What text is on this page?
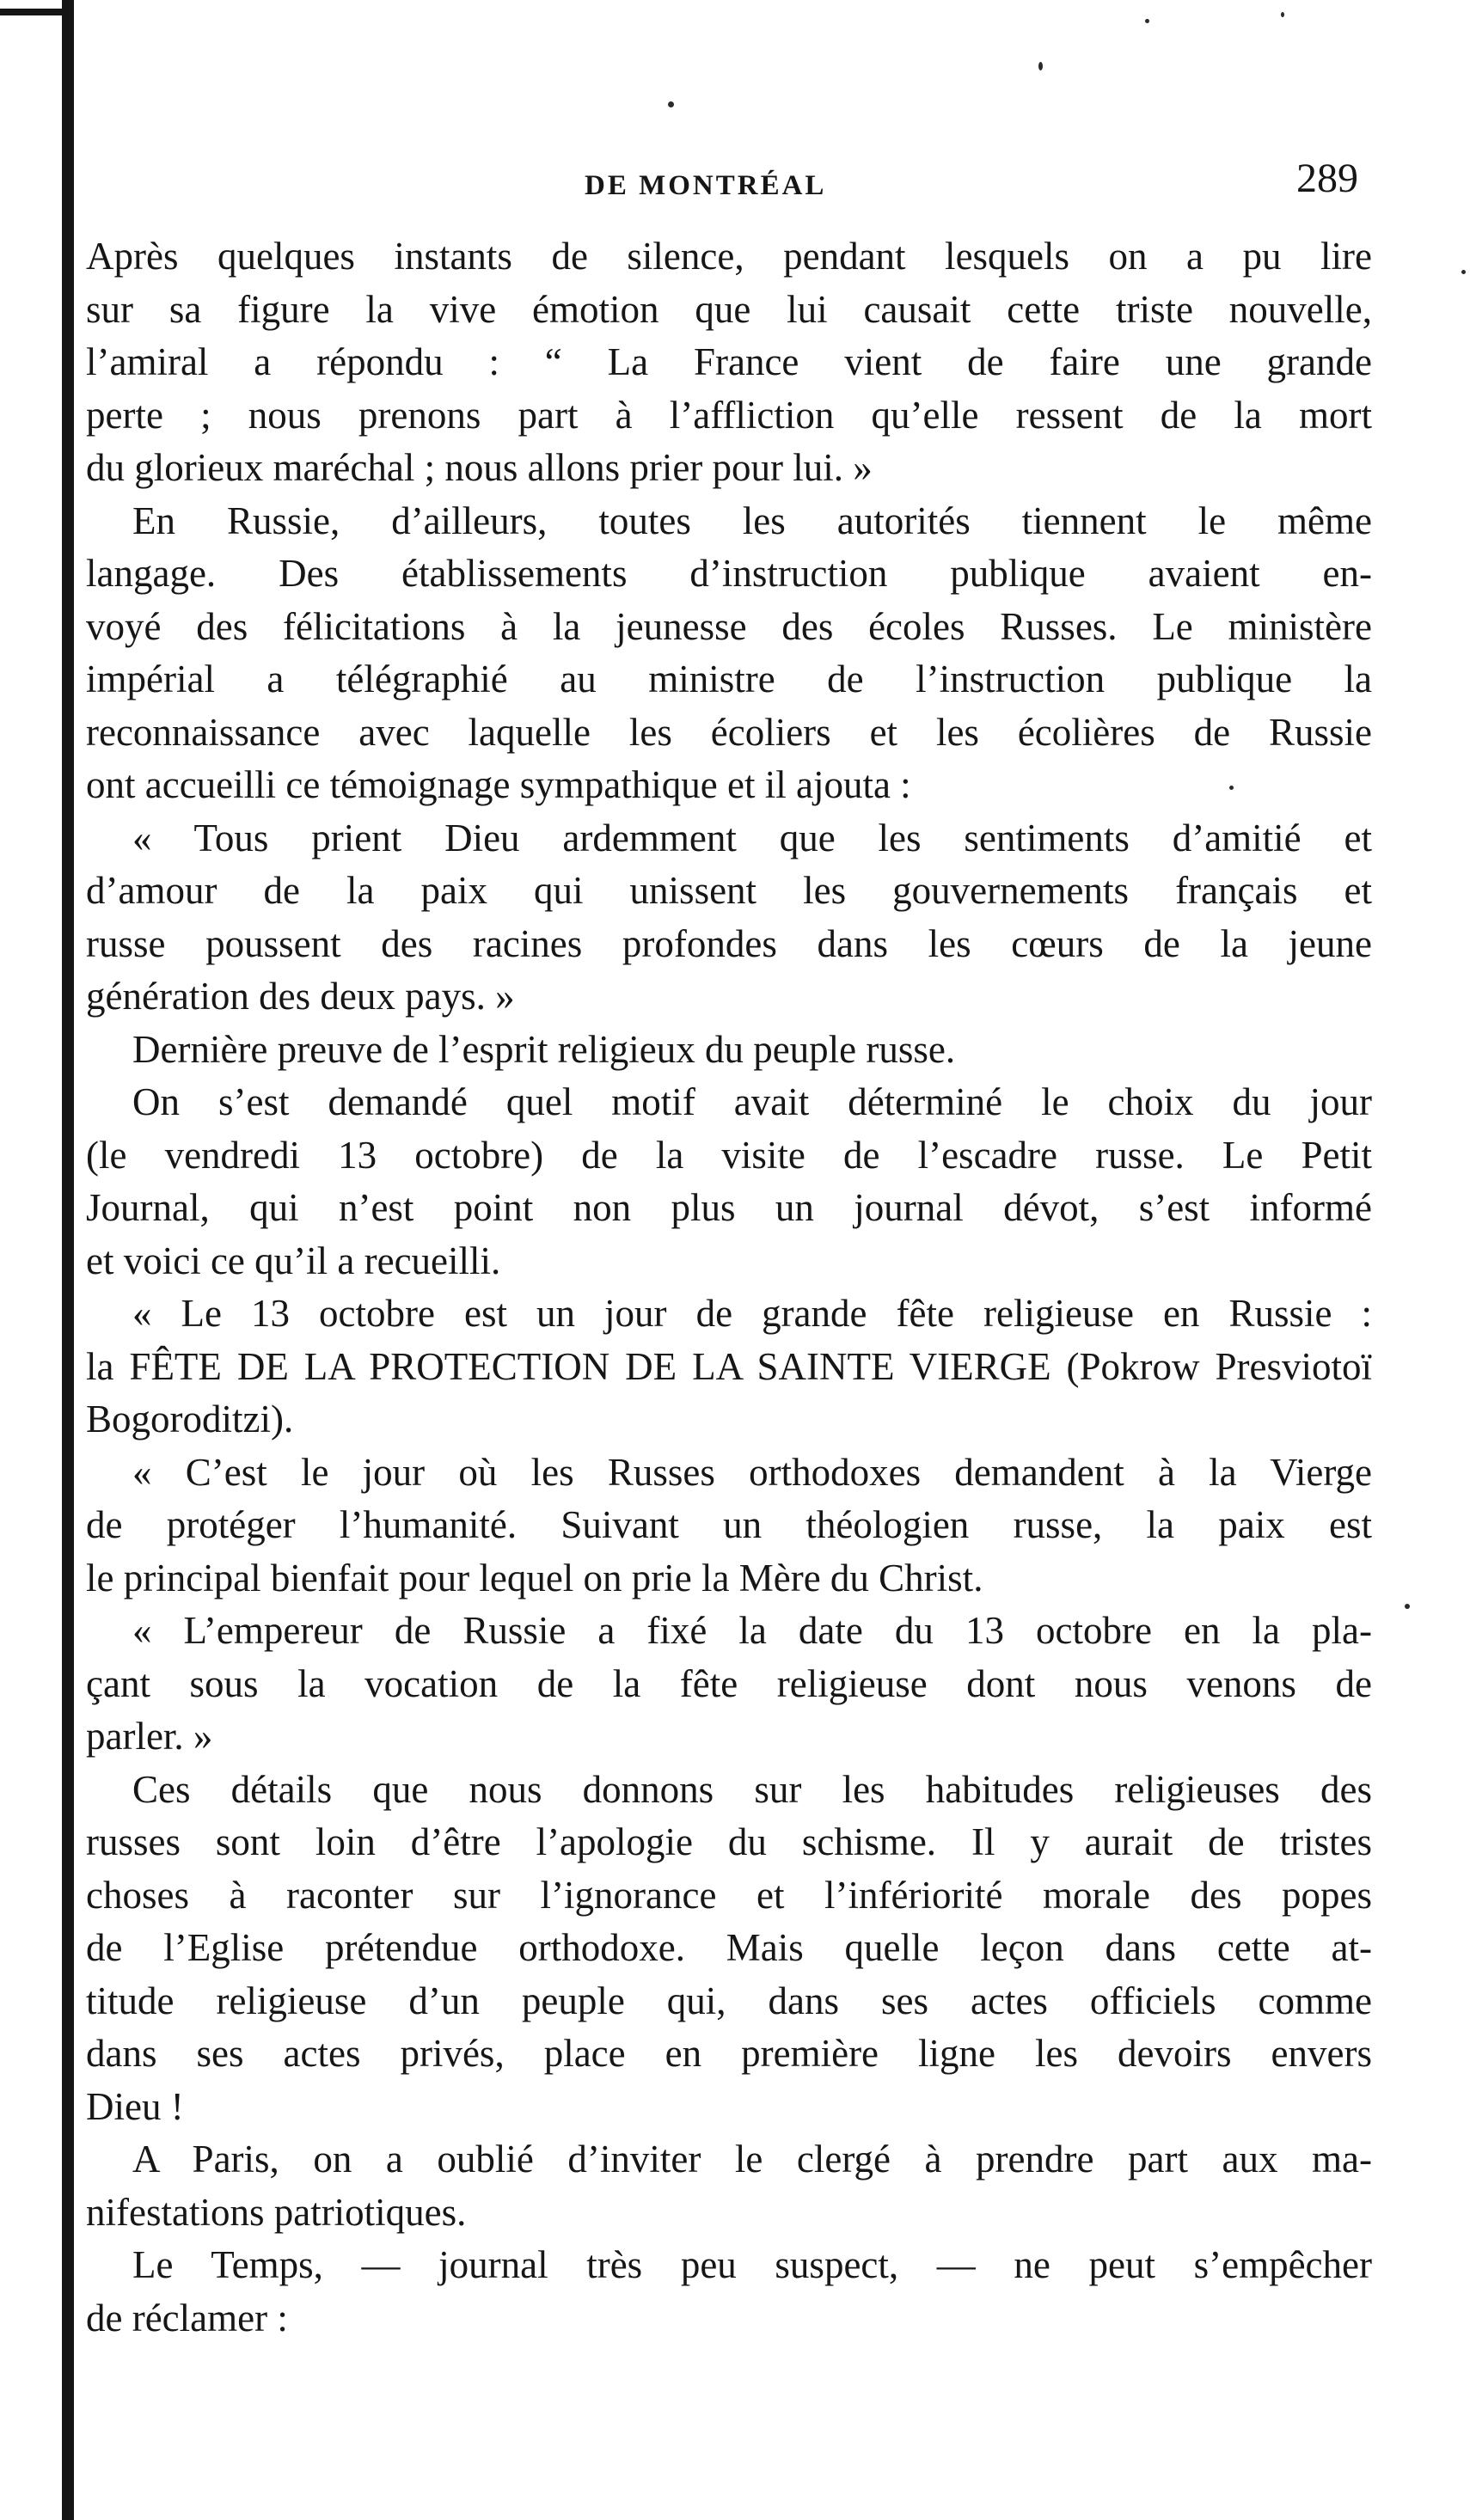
DE MONTRÉAL	289
Après quelques instants de silence, pendant lesquels on a pu lire
sur sa figure la vive émotion que lui causait cette triste nouvelle,
l’amiral a répondu : “ La France vient de faire une grande
perte ; nous prenons part à l’affliction qu’elle ressent de la mort
du glorieux maréchal ; nous allons prier pour lui. »
En Russie, d’ailleurs, toutes les autorités tiennent le même
langage. Des établissements d’instruction publique avaient en-
voyé des félicitations à la jeunesse des écoles Russes. Le ministère
impérial a télégraphié au ministre de l’instruction publique la
reconnaissance avec laquelle les écoliers et les écolières de Russie
ont accueilli ce témoignage sympathique et il ajouta :
« Tous prient Dieu ardemment que les sentiments d’amitié et
d’amour de la paix qui unissent les gouvernements français et
russe poussent des racines profondes dans les cœurs de la jeune
génération des deux pays. »
Dernière preuve de l’esprit religieux du peuple russe.
On s’est demandé quel motif avait déterminé le choix du jour
(le vendredi 13 octobre) de la visite de l’escadre russe. Le Petit
Journal, qui n’est point non plus un journal dévot, s’est informé
et voici ce qu’il a recueilli.
« Le 13 octobre est un jour de grande fête religieuse en Russie :
la FÊTE DE LA PROTECTION DE LA SAINTE VIERGE (Pokrow Presviotoï
Bogoroditzi).
« C’est le jour où les Russes orthodoxes demandent à la Vierge
de protéger l’humanité. Suivant un théologien russe, la paix est
le principal bienfait pour lequel on prie la Mère du Christ.
« L’empereur de Russie a fixé la date du 13 octobre en la pla-
çant sous la vocation de la fête religieuse dont nous venons de
parler. »
Ces détails que nous donnons sur les habitudes religieuses des
russes sont loin d’être l’apologie du schisme. Il y aurait de tristes
choses à raconter sur l’ignorance et l’infériorité morale des popes
de l’Eglise prétendue orthodoxe. Mais quelle leçon dans cette at-
titude religieuse d’un peuple qui, dans ses actes officiels comme
dans ses actes privés, place en première ligne les devoirs envers
Dieu !
A Paris, on a oublié d’inviter le clergé à prendre part aux ma-
nifestations patriotiques.
Le Temps, — journal très peu suspect, — ne peut s’empêcher
de réclamer :
